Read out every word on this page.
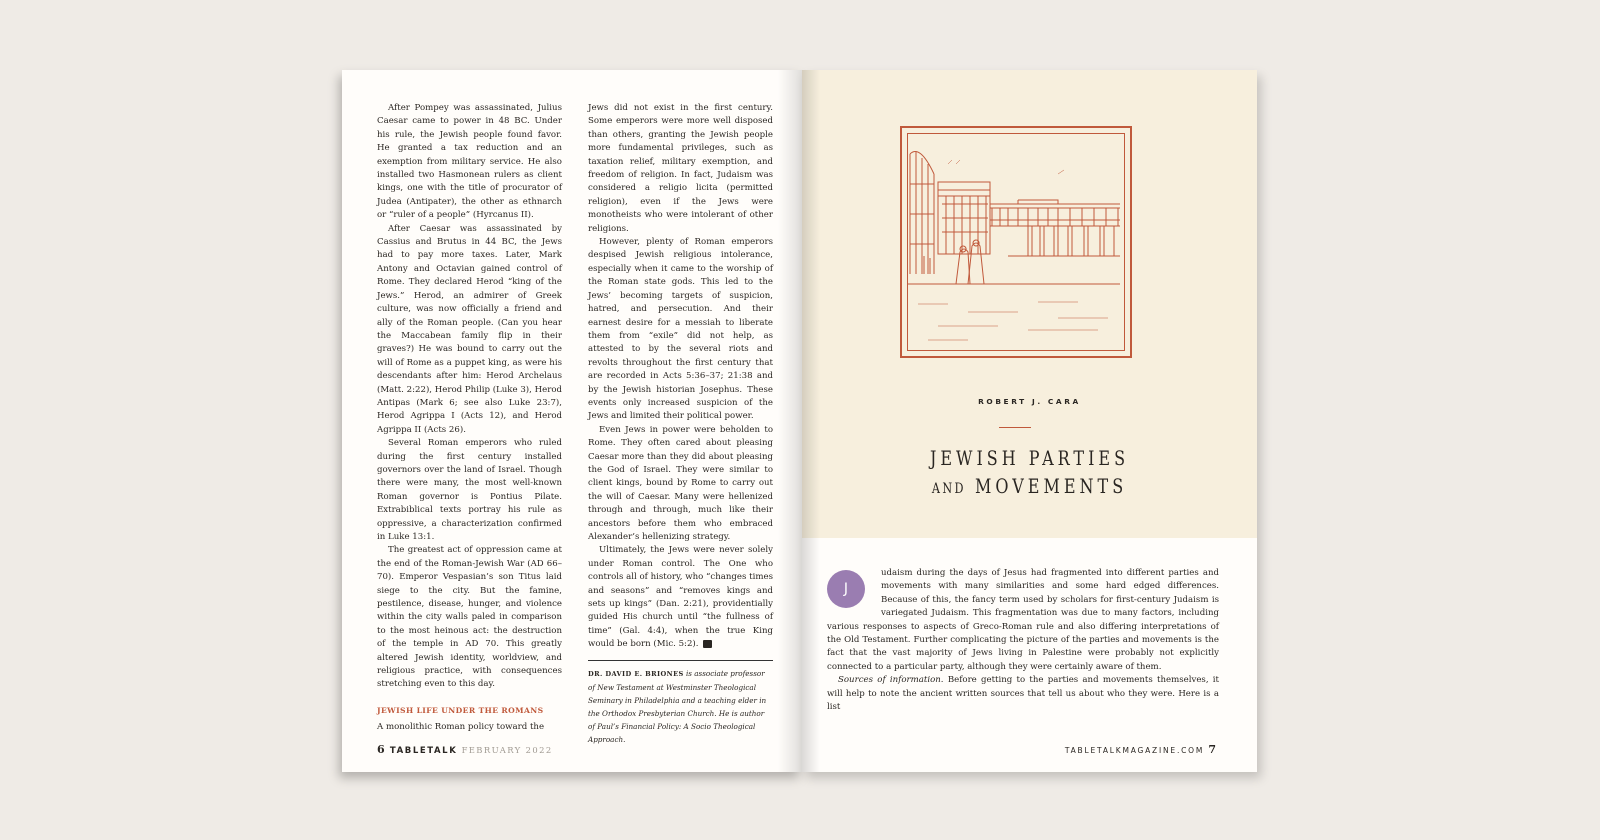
After Pompey was assassinated, Julius Caesar came to power in 48 BC. Under his rule, the Jewish people found favor. He granted a tax reduction and an exemption from military service. He also installed two Hasmonean rulers as client kings, one with the title of procurator of Judea (Antipater), the other as ethnarch or “ruler of a people” (Hyrcanus II).

After Caesar was assassinated by Cassius and Brutus in 44 BC, the Jews had to pay more taxes. Later, Mark Antony and Octavian gained control of Rome. They declared Herod “king of the Jews.” Herod, an admirer of Greek culture, was now officially a friend and ally of the Roman people. (Can you hear the Maccabean family flip in their graves?) He was bound to carry out the will of Rome as a puppet king, as were his descendants after him: Herod Archelaus (Matt. 2:22), Herod Philip (Luke 3), Herod Antipas (Mark 6; see also Luke 23:7), Herod Agrippa I (Acts 12), and Herod Agrippa II (Acts 26).

Several Roman emperors who ruled during the first century installed governors over the land of Israel. Though there were many, the most well-known Roman governor is Pontius Pilate. Extrabiblical texts portray his rule as oppressive, a characterization confirmed in Luke 13:1.

The greatest act of oppression came at the end of the Roman-Jewish War (AD 66–70). Emperor Vespasian’s son Titus laid siege to the city. But the famine, pestilence, disease, hunger, and violence within the city walls paled in comparison to the most heinous act: the destruction of the temple in AD 70. This greatly altered Jewish identity, worldview, and religious practice, with consequences stretching even to this day.

JEWISH LIFE UNDER THE ROMANS

A monolithic Roman policy toward the

Jews did not exist in the first century. Some emperors were more well disposed than others, granting the Jewish people more fundamental privileges, such as taxation relief, military exemption, and freedom of religion. In fact, Judaism was considered a religio licita (permitted religion), even if the Jews were monotheists who were intolerant of other religions.

However, plenty of Roman emperors despised Jewish religious intolerance, especially when it came to the worship of the Roman state gods. This led to the Jews’ becoming targets of suspicion, hatred, and persecution. And their earnest desire for a messiah to liberate them from “exile” did not help, as attested to by the several riots and revolts throughout the first century that are recorded in Acts 5:36–37; 21:38 and by the Jewish historian Josephus. These events only increased suspicion of the Jews and limited their political power.

Even Jews in power were beholden to Rome. They often cared about pleasing Caesar more than they did about pleasing the God of Israel. They were similar to client kings, bound by Rome to carry out the will of Caesar. Many were hellenized through and through, much like their ancestors before them who embraced Alexander’s hellenizing strategy.

Ultimately, the Jews were never solely under Roman control. The One who controls all of history, who “changes times and seasons” and “removes kings and sets up kings” (Dan. 2:21), providentially guided His church until “the fullness of time” (Gal. 4:4), when the true King would be born (Mic. 5:2).

DR. DAVID E. BRIONES is associate professor of New Testament at Westminster Theological Seminary in Philadelphia and a teaching elder in the Orthodox Presbyterian Church. He is author of Paul’s Financial Policy: A Socio Theological Approach.
6 TABLETALK FEBRUARY 2022
ROBERT J. CARA
JEWISH PARTIES
AND MOVEMENTS
J

udaism during the days of Jesus had fragmented into different parties and movements with many similarities and some hard edged differences. Because of this, the fancy term used by scholars for first-century Judaism is variegated Judaism. This fragmentation was due to many factors, including various responses to aspects of Greco-Roman rule and also differing interpretations of the Old Testament. Further complicating the picture of the parties and movements is the fact that the vast majority of Jews living in Palestine were probably not explicitly connected to a particular party, although they were certainly aware of them.

Sources of information. Before getting to the parties and movements themselves, it will help to note the ancient written sources that tell us about who they were. Here is a list

TABLETALKMAGAZINE.COM 7
